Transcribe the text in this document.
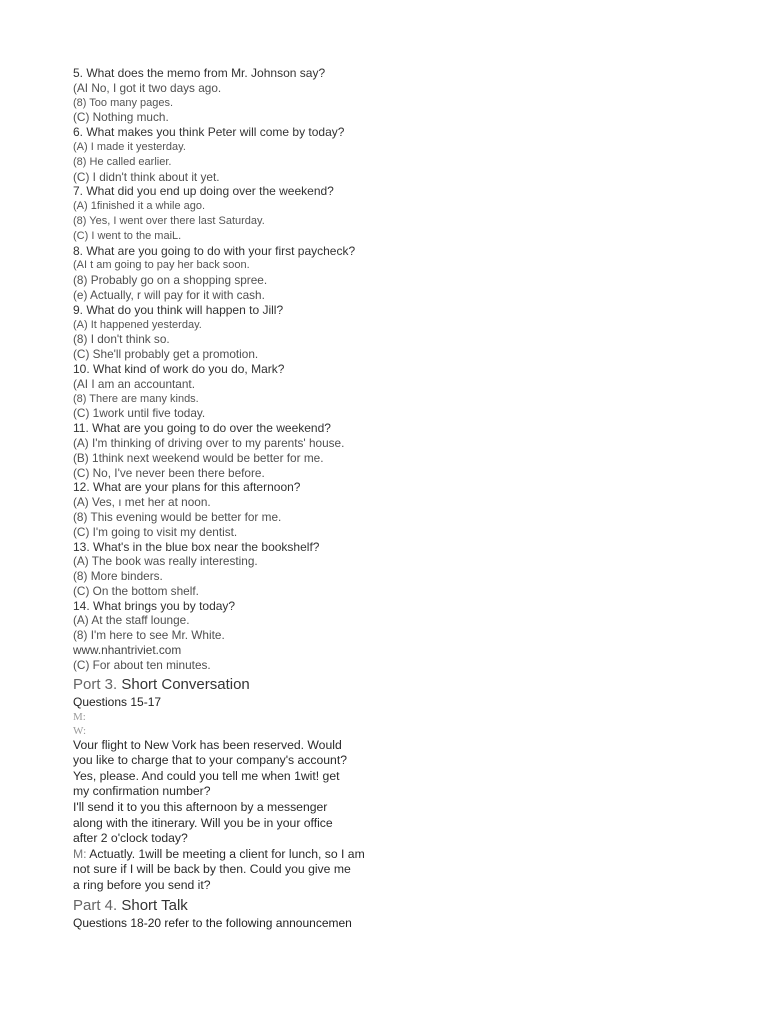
5. What does the memo from Mr. Johnson say?
(AI No, I got it two days ago.
(8) Too many pages.
(C) Nothing much.
6. What makes you think Peter will come by today?
(A) I made it yesterday.
(8) He called earlier.
(C) I didn't think about it yet.
7. What did you end up doing over the weekend?
(A) 1finished it a while ago.
(8) Yes, I went over there last Saturday.
(C) I went to the maiL.
8. What are you going to do with your first paycheck?
(AI t am going to pay her back soon.
(8) Probably go on a shopping spree.
(e) Actually, r will pay for it with cash.
9. What do you think will happen to Jill?
(A) It happened yesterday.
(8) I don't think so.
(C) She'll probably get a promotion.
10. What kind of work do you do, Mark?
(AI I am an accountant.
(8) There are many kinds.
(C) 1work until five today.
11. What are you going to do over the weekend?
(A) I'm thinking of driving over to my parents' house.
(B) 1think next weekend would be better for me.
(C) No, I've never been there before.
12. What are your plans for this afternoon?
(A) Ves, ı met her at noon.
(8) This evening would be better for me.
(C) I'm going to visit my dentist.
13. What's in the blue box near the bookshelf?
(A) The book was really interesting.
(8) More binders.
(C) On the bottom shelf.
14. What brings you by today?
(A) At the staff lounge.
(8) I'm here to see Mr. White.
www.nhantriviet.com
(C) For about ten minutes.
Port 3. Short Conversation
Questions 15-17
M:
W:
Vour flight to New Vork has been reserved. Would
you like to charge that to your company's account?
Yes, please. And could you tell me when 1wit! get
my confirmation number?
I'll send it to you this afternoon by a messenger
along with the itinerary. Will you be in your office
after 2 o'clock today?
M: Actuatly. 1will be meeting a client for lunch, so I am
not sure if I will be back by then. Could you give me
a ring before you send it?
Part 4. Short Talk
Questions 18-20 refer to the following announcemen
